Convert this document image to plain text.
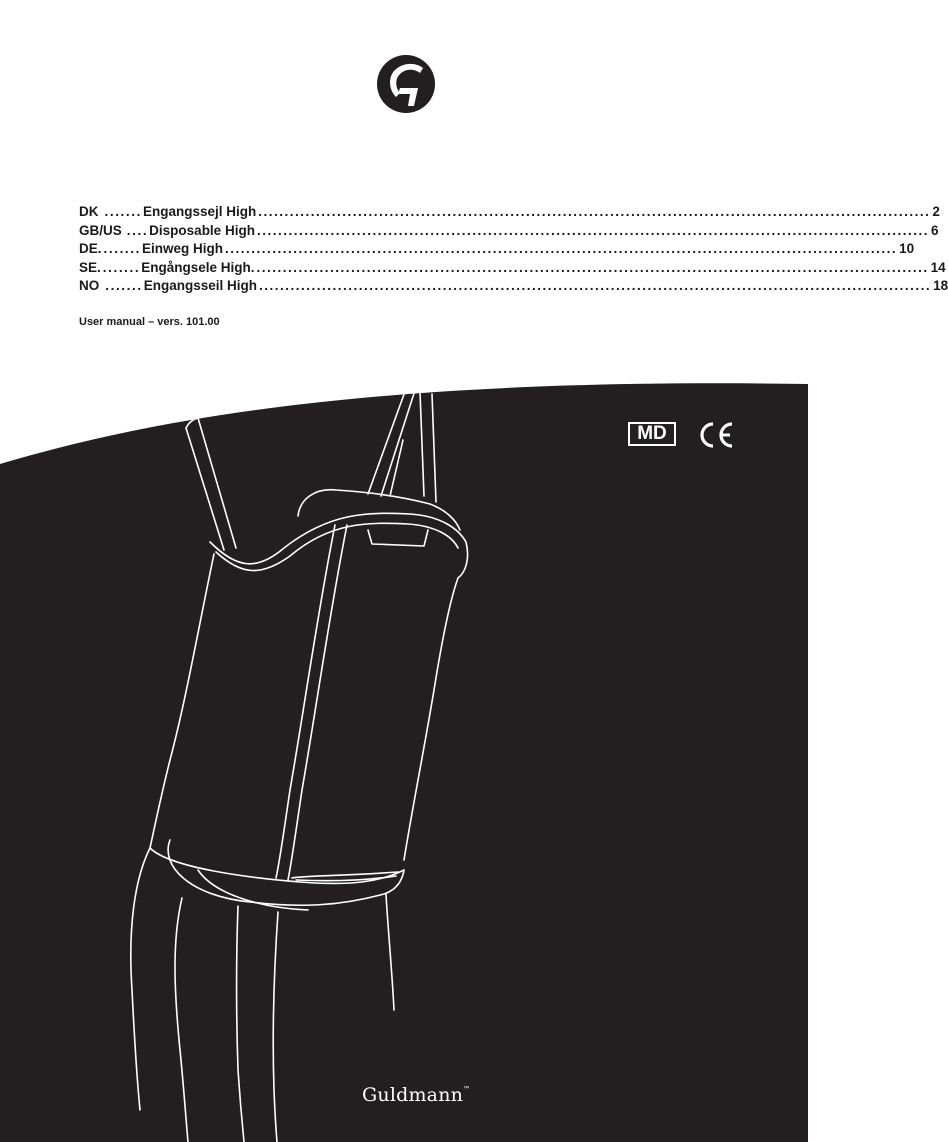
DK ....... Engangssejl High ................................................................................................................................ 2
GB/US .... Disposable High ................................................................................................................................ 6
DE. ....... Einweg High ................................................................................................................................ 10
SE. ....... Engångsele High. ................................................................................................................................ 14
NO ....... Engangsseil High ................................................................................................................................ 18
User manual – vers. 101.00
MD
Guldmann™
